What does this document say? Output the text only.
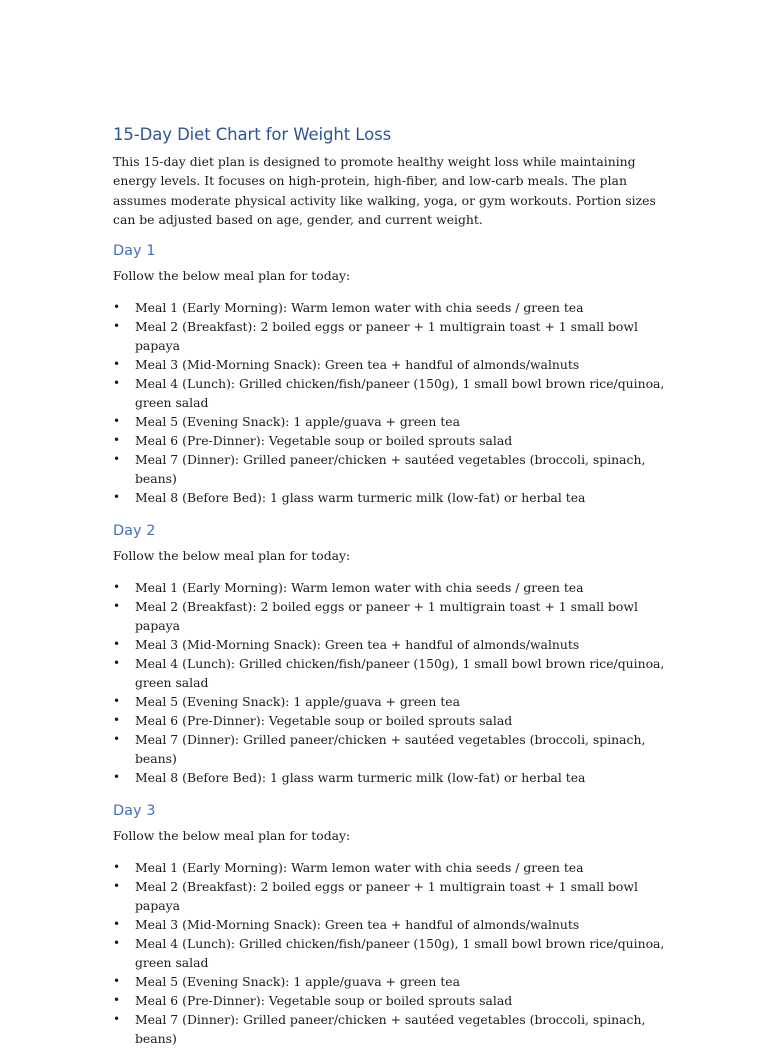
15-Day Diet Chart for Weight Loss

This 15-day diet plan is designed to promote healthy weight loss while maintaining energy levels. It focuses on high-protein, high-fiber, and low-carb meals. The plan assumes moderate physical activity like walking, yoga, or gym workouts. Portion sizes can be adjusted based on age, gender, and current weight.

Day 1

Follow the below meal plan for today:

• Meal 1 (Early Morning): Warm lemon water with chia seeds / green tea
• Meal 2 (Breakfast): 2 boiled eggs or paneer + 1 multigrain toast + 1 small bowl papaya
• Meal 3 (Mid-Morning Snack): Green tea + handful of almonds/walnuts
• Meal 4 (Lunch): Grilled chicken/fish/paneer (150g), 1 small bowl brown rice/quinoa, green salad
• Meal 5 (Evening Snack): 1 apple/guava + green tea
• Meal 6 (Pre-Dinner): Vegetable soup or boiled sprouts salad
• Meal 7 (Dinner): Grilled paneer/chicken + sautéed vegetables (broccoli, spinach, beans)
• Meal 8 (Before Bed): 1 glass warm turmeric milk (low-fat) or herbal tea
Day 2

Follow the below meal plan for today:

• Meal 1 (Early Morning): Warm lemon water with chia seeds / green tea
• Meal 2 (Breakfast): 2 boiled eggs or paneer + 1 multigrain toast + 1 small bowl papaya
• Meal 3 (Mid-Morning Snack): Green tea + handful of almonds/walnuts
• Meal 4 (Lunch): Grilled chicken/fish/paneer (150g), 1 small bowl brown rice/quinoa, green salad
• Meal 5 (Evening Snack): 1 apple/guava + green tea
• Meal 6 (Pre-Dinner): Vegetable soup or boiled sprouts salad
• Meal 7 (Dinner): Grilled paneer/chicken + sautéed vegetables (broccoli, spinach, beans)
• Meal 8 (Before Bed): 1 glass warm turmeric milk (low-fat) or herbal tea
Day 3

Follow the below meal plan for today:

• Meal 1 (Early Morning): Warm lemon water with chia seeds / green tea
• Meal 2 (Breakfast): 2 boiled eggs or paneer + 1 multigrain toast + 1 small bowl papaya
• Meal 3 (Mid-Morning Snack): Green tea + handful of almonds/walnuts
• Meal 4 (Lunch): Grilled chicken/fish/paneer (150g), 1 small bowl brown rice/quinoa, green salad
• Meal 5 (Evening Snack): 1 apple/guava + green tea
• Meal 6 (Pre-Dinner): Vegetable soup or boiled sprouts salad
• Meal 7 (Dinner): Grilled paneer/chicken + sautéed vegetables (broccoli, spinach, beans)
